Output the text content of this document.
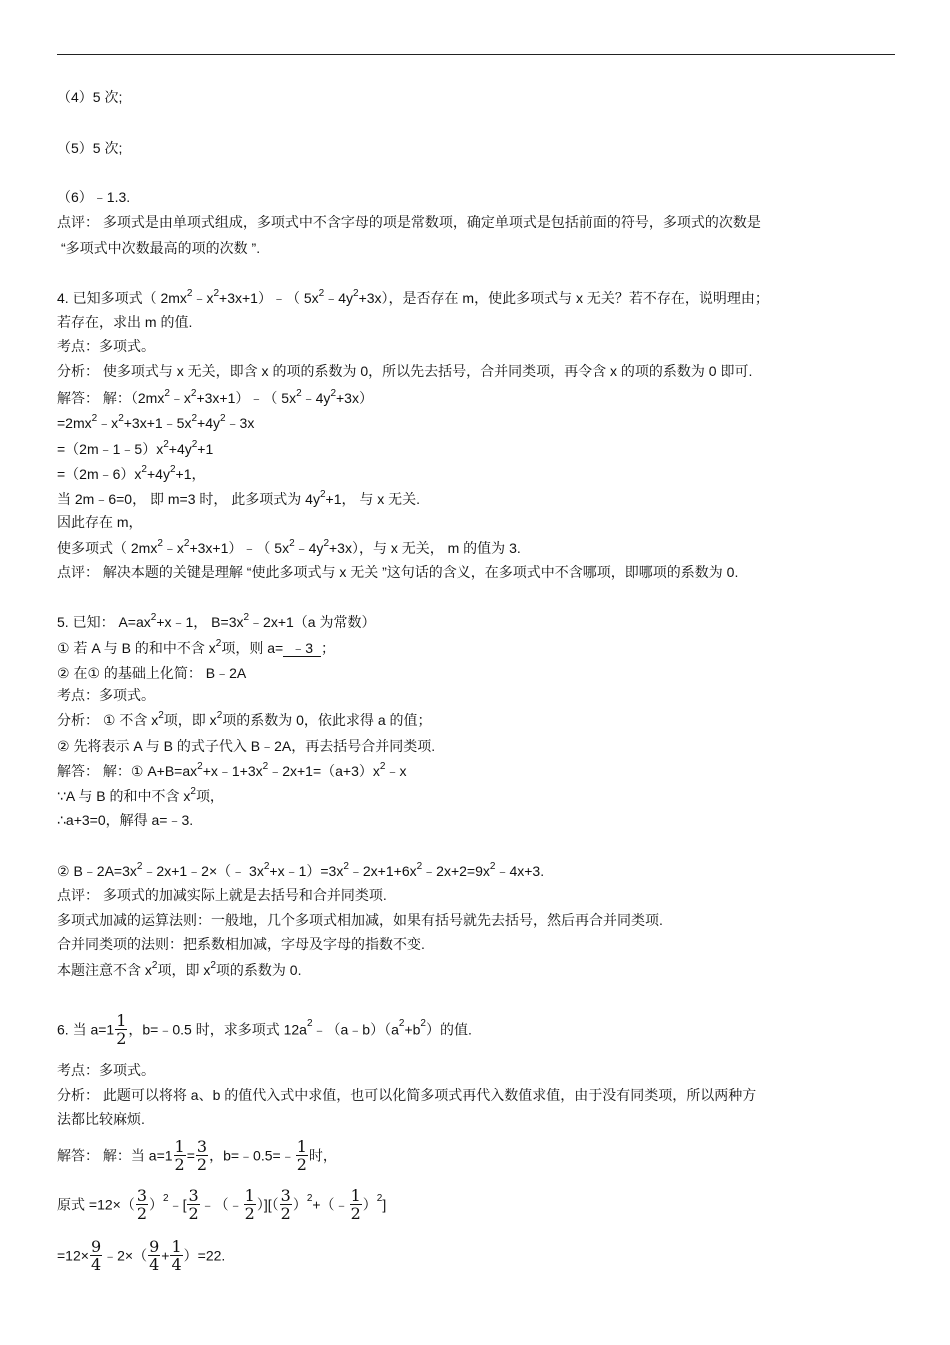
（4）5 次;
（5）5 次;
（6）﹣1.3.
点评： 多项式是由单项式组成，多项式中不含字母的项是常数项，确定单项式是包括前面的符号，多项式的次数是
“多项式中次数最高的项的次数 ”.
4. 已知多项式（ $2mx^2﹣x^2+3x+1)﹣$（ $5x^2﹣4y^2+3x$），是否存在 m，使此多项式与 x 无关？若不存在，说明理由；
若存在，求出 m 的值.
考点：多项式。
分析： 使多项式与 x 无关，即含 x 的项的系数为 0，所以先去括号，合并同类项，再令含 x 的项的系数为 0 即可.
解答： 解：$(2mx^2﹣x^2+3x+1)﹣$（ $5x^2﹣4y^2+3x$）
$=2mx^2﹣x^2+3x+1﹣5x^2+4y^2﹣3x$
$=(2m﹣1﹣5)x^2+4y^2+1$
$=(2m﹣6)x^2+4y^2+1$，
当 2m﹣6=0， 即 m=3 时， 此多项式为 $4y^2+1$， 与 x 无关.
因此存在 m，
使多项式（ $2mx^2﹣x^2+3x+1)﹣$（ $5x^2﹣4y^2+3x$），与 x 无关， m 的值为 3.
点评： 解决本题的关键是理解 “使此多项式与 x 无关 ”这句话的含义，在多项式中不含哪项，即哪项的系数为 0.
5. 已知： $A=ax^2+x﹣1$， $B=3x^2﹣2x+1(a$ 为常数）
① 若 A 与 B 的和中不含 $x^2$项，则 a= ﹣3 ；
② 在① 的基础上化简： B﹣2A
考点：多项式。
分析： ① 不含 $x^2$项，即 $x^2$项的系数为 0，依此求得 a 的值；
② 先将表示 A 与 B 的式子代入 B﹣2A，再去括号合并同类项.
解答： 解：① $A+B=ax^2+x﹣1+3x^2﹣2x+1=(a+3)x^2﹣x$
∵A 与 B 的和中不含 $x^2$项，
∴a+3=0，解得 a=﹣3.
② $B﹣2A=3x^2﹣2x+1﹣2\times(﹣$ $3x^2+x﹣1)=3x^2﹣2x+1+6x^2﹣2x+2=9x^2﹣4x+3$.
点评： 多项式的加减实际上就是去括号和合并同类项.
多项式加减的运算法则：一般地，几个多项式相加减，如果有括号就先去括号，然后再合并同类项.
合并同类项的法则：把系数相加减，字母及字母的指数不变.
本题注意不含 $x^2$项，即 $x^2$项的系数为 0.
6. 当 $a=1 \frac{1}{2}$ ，b=﹣0.5 时，求多项式 $12a^2﹣(a﹣b)(a^2+b^2)$的值.
考点：多项式。
分析： 此题可以将将 a、b 的值代入式中求值，也可以化简多项式再代入数值求值，由于没有同类项，所以两种方
法都比较麻烦.
解答： 解：当 $a=1 \frac{1}{2} = \frac{3}{2}$ ，b=﹣0.5=﹣ $\frac{1}{2}$ 时，
原式 $=12\times( \frac{3}{2}$ ）$^2﹣[ \frac{3}{2}$ ﹣（﹣ $\frac{1}{2}$ ）][（ $\frac{3}{2}$ ）$^2$+（﹣ $\frac{1}{2} )^2$]
$=12\times \frac{9}{4}$ ﹣2×（ $\frac{9}{4} + \frac{1}{4} )=22$.
